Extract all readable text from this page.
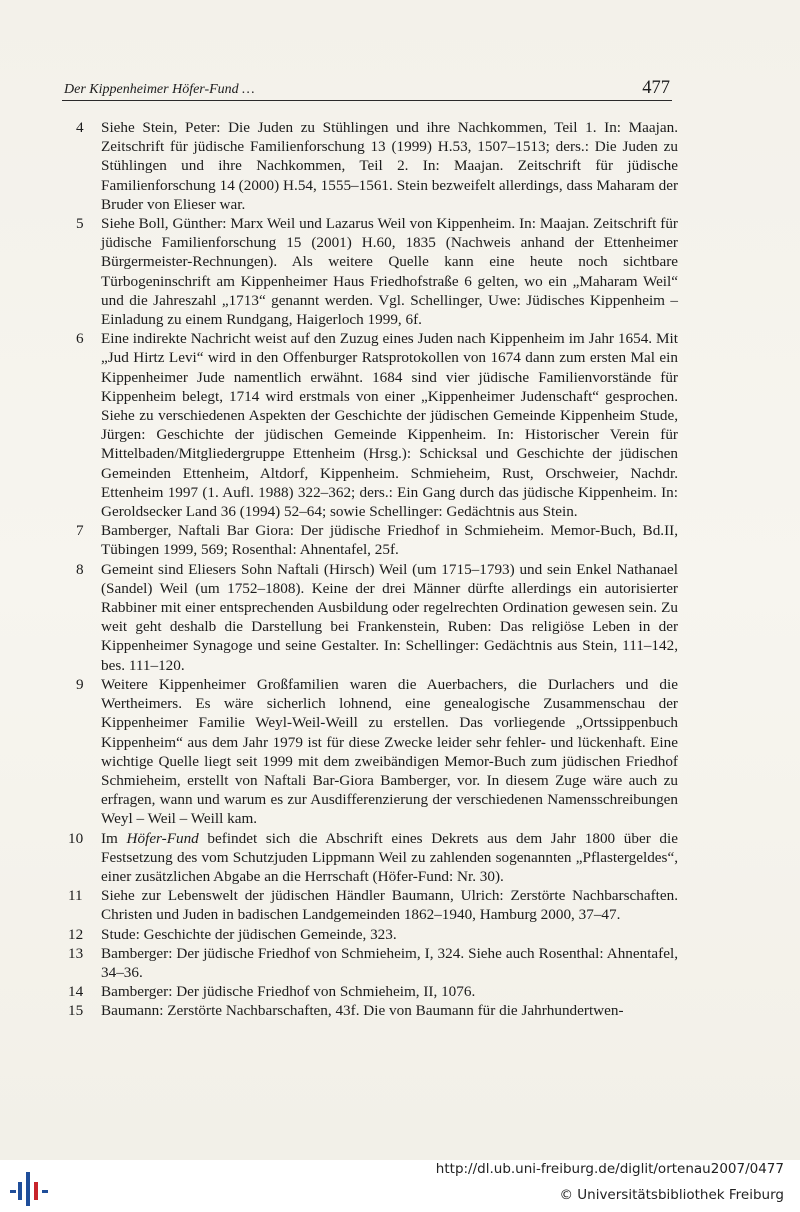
Der Kippenheimer Höfer-Fund …	477
4	Siehe Stein, Peter: Die Juden zu Stühlingen und ihre Nachkommen, Teil 1. In: Maajan. Zeitschrift für jüdische Familienforschung 13 (1999) H.53, 1507–1513; ders.: Die Juden zu Stühlingen und ihre Nachkommen, Teil 2. In: Maajan. Zeitschrift für jüdische Familienforschung 14 (2000) H.54, 1555–1561. Stein bezweifelt allerdings, dass Maharam der Bruder von Elieser war.
5	Siehe Boll, Günther: Marx Weil und Lazarus Weil von Kippenheim. In: Maajan. Zeitschrift für jüdische Familienforschung 15 (2001) H.60, 1835 (Nachweis anhand der Ettenheimer Bürgermeister-Rechnungen). Als weitere Quelle kann eine heute noch sichtbare Türbogeninschrift am Kippenheimer Haus Friedhofstraße 6 gelten, wo ein „Maharam Weil“ und die Jahreszahl „1713“ genannt werden. Vgl. Schellinger, Uwe: Jüdisches Kippenheim – Einladung zu einem Rundgang, Haigerloch 1999, 6f.
6	Eine indirekte Nachricht weist auf den Zuzug eines Juden nach Kippenheim im Jahr 1654. Mit „Jud Hirtz Levi“ wird in den Offenburger Ratsprotokollen von 1674 dann zum ersten Mal ein Kippenheimer Jude namentlich erwähnt. 1684 sind vier jüdische Familienvorstände für Kippenheim belegt, 1714 wird erstmals von einer „Kippenheimer Judenschaft“ gesprochen. Siehe zu verschiedenen Aspekten der Geschichte der jüdischen Gemeinde Kippenheim Stude, Jürgen: Geschichte der jüdischen Gemeinde Kippenheim. In: Historischer Verein für Mittelbaden/Mitgliedergruppe Ettenheim (Hrsg.): Schicksal und Geschichte der jüdischen Gemeinden Ettenheim, Altdorf, Kippenheim. Schmieheim, Rust, Orschweier, Nachdr. Ettenheim 1997 (1. Aufl. 1988) 322–362; ders.: Ein Gang durch das jüdische Kippenheim. In: Geroldsecker Land 36 (1994) 52–64; sowie Schellinger: Gedächtnis aus Stein.
7	Bamberger, Naftali Bar Giora: Der jüdische Friedhof in Schmieheim. Memor-Buch, Bd.II, Tübingen 1999, 569; Rosenthal: Ahnentafel, 25f.
8	Gemeint sind Eliesers Sohn Naftali (Hirsch) Weil (um 1715–1793) und sein Enkel Nathanael (Sandel) Weil (um 1752–1808). Keine der drei Männer dürfte allerdings ein autorisierter Rabbiner mit einer entsprechenden Ausbildung oder regelrechten Ordination gewesen sein. Zu weit geht deshalb die Darstellung bei Frankenstein, Ruben: Das religiöse Leben in der Kippenheimer Synagoge und seine Gestalter. In: Schellinger: Gedächtnis aus Stein, 111–142, bes. 111–120.
9	Weitere Kippenheimer Großfamilien waren die Auerbachers, die Durlachers und die Wertheimers. Es wäre sicherlich lohnend, eine genealogische Zusammenschau der Kippenheimer Familie Weyl-Weil-Weill zu erstellen. Das vorliegende „Ortssippenbuch Kippenheim“ aus dem Jahr 1979 ist für diese Zwecke leider sehr fehler- und lückenhaft. Eine wichtige Quelle liegt seit 1999 mit dem zweibändigen Memor-Buch zum jüdischen Friedhof Schmieheim, erstellt von Naftali Bar-Giora Bamberger, vor. In diesem Zuge wäre auch zu erfragen, wann und warum es zur Ausdifferenzierung der verschiedenen Namensschreibungen Weyl – Weil – Weill kam.
10	Im Höfer-Fund befindet sich die Abschrift eines Dekrets aus dem Jahr 1800 über die Festsetzung des vom Schutzjuden Lippmann Weil zu zahlenden sogenannten „Pflastergeldes“, einer zusätzlichen Abgabe an die Herrschaft (Höfer-Fund: Nr. 30).
11	Siehe zur Lebenswelt der jüdischen Händler Baumann, Ulrich: Zerstörte Nachbarschaften. Christen und Juden in badischen Landgemeinden 1862–1940, Hamburg 2000, 37–47.
12	Stude: Geschichte der jüdischen Gemeinde, 323.
13	Bamberger: Der jüdische Friedhof von Schmieheim, I, 324. Siehe auch Rosenthal: Ahnentafel, 34–36.
14	Bamberger: Der jüdische Friedhof von Schmieheim, II, 1076.
15	Baumann: Zerstörte Nachbarschaften, 43f. Die von Baumann für die Jahrhundertwen-
http://dl.ub.uni-freiburg.de/diglit/ortenau2007/0477
© Universitätsbibliothek Freiburg
